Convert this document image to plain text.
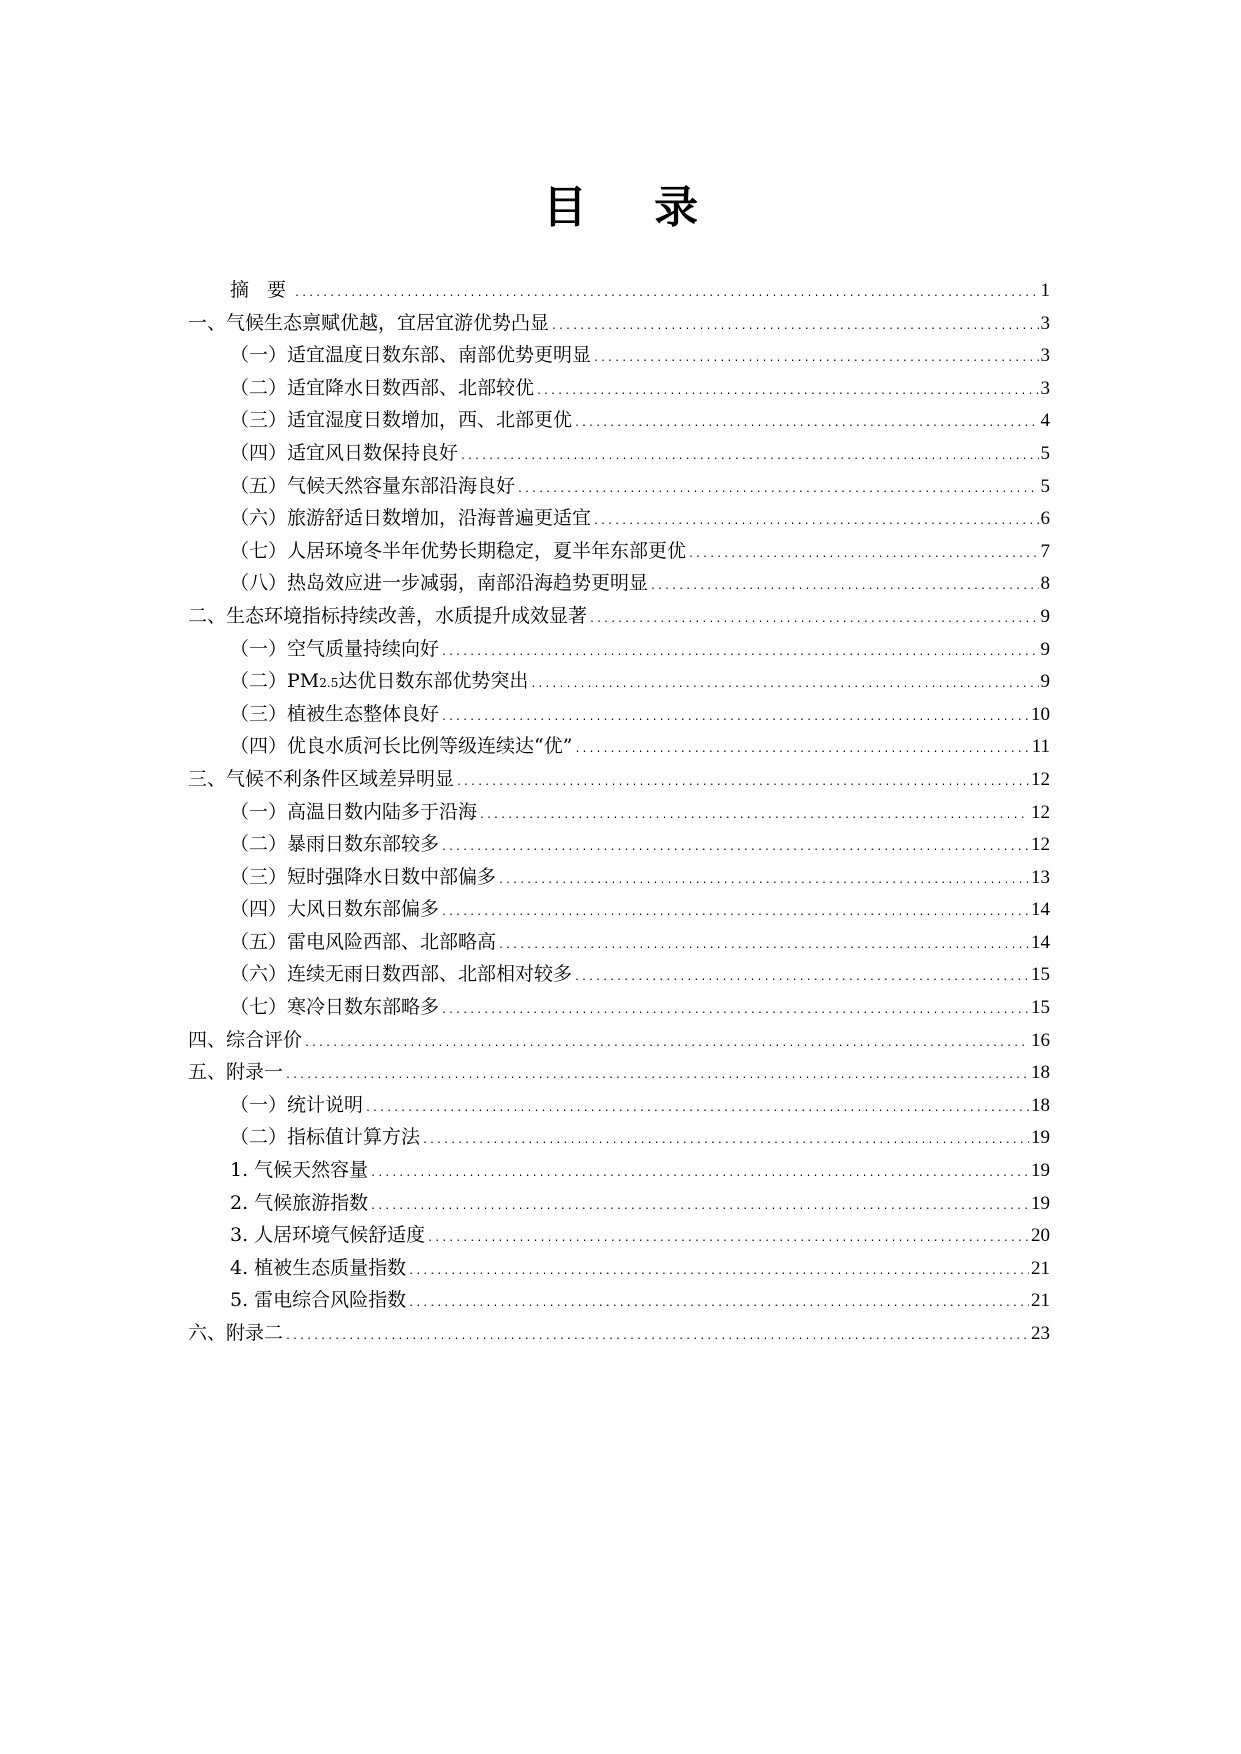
目 录
摘 要 .....	1
一、气候生态禀赋优越，宜居宜游优势凸显 .....	3
（一）适宜温度日数东部、南部优势更明显 .....	3
（二）适宜降水日数西部、北部较优 .....	3
（三）适宜湿度日数增加，西、北部更优 .....	4
（四）适宜风日数保持良好 .....	5
（五）气候天然容量东部沿海良好 .....	5
（六）旅游舒适日数增加，沿海普遍更适宜 .....	6
（七）人居环境冬半年优势长期稳定，夏半年东部更优 .....	7
（八）热岛效应进一步减弱，南部沿海趋势更明显 .....	8
二、生态环境指标持续改善，水质提升成效显著 .....	9
（一）空气质量持续向好 .....	9
（二）PM2.5达优日数东部优势突出 .....	9
（三）植被生态整体良好 .....	10
（四）优良水质河长比例等级连续达“优” .....	11
三、气候不利条件区域差异明显 .....	12
（一）高温日数内陆多于沿海 .....	12
（二）暴雨日数东部较多 .....	12
（三）短时强降水日数中部偏多 .....	13
（四）大风日数东部偏多 .....	14
（五）雷电风险西部、北部略高 .....	14
（六）连续无雨日数西部、北部相对较多 .....	15
（七）寒冷日数东部略多 .....	15
四、综合评价 .....	16
五、附录一 .....	18
（一）统计说明 .....	18
（二）指标值计算方法 .....	19
1. 气候天然容量 .....	19
2. 气候旅游指数 .....	19
3. 人居环境气候舒适度 .....	20
4. 植被生态质量指数 .....	21
5. 雷电综合风险指数 .....	21
六、附录二 .....	23
